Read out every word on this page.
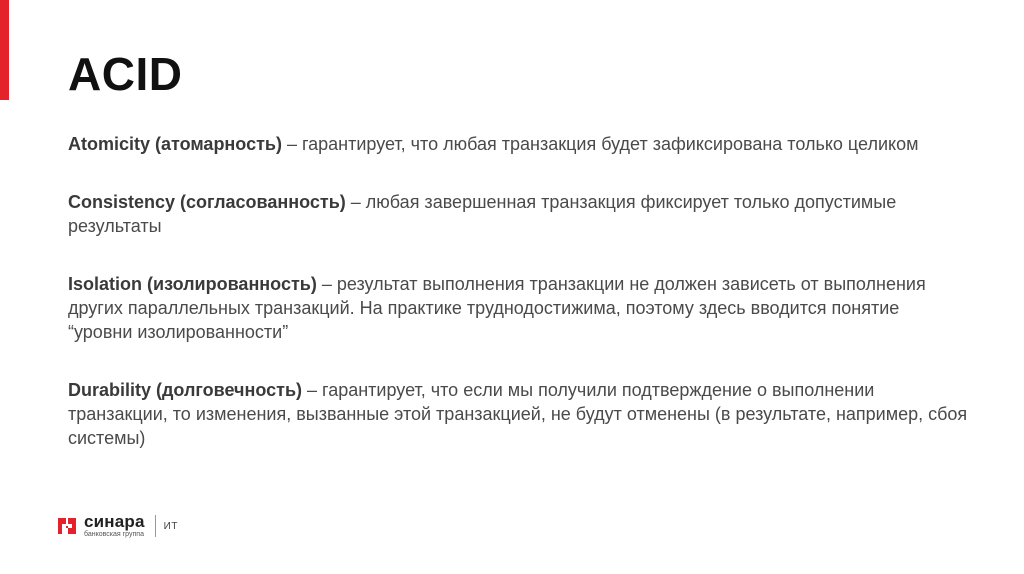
ACID

Atomicity (атомарность) – гарантирует, что любая транзакция будет зафиксирована только целиком

Consistency (согласованность) – любая завершенная транзакция фиксирует только допустимые результаты

Isolation (изолированность) – результат выполнения транзакции не должен зависеть от выполнения других параллельных транзакций. На практике труднодостижима, поэтому здесь вводится понятие “уровни изолированности”

Durability (долговечность) – гарантирует, что если мы получили подтверждение о выполнении транзакции, то изменения, вызванные этой транзакцией, не будут отменены (в результате, например, сбоя системы)

синара
банковская группа
ИТ
